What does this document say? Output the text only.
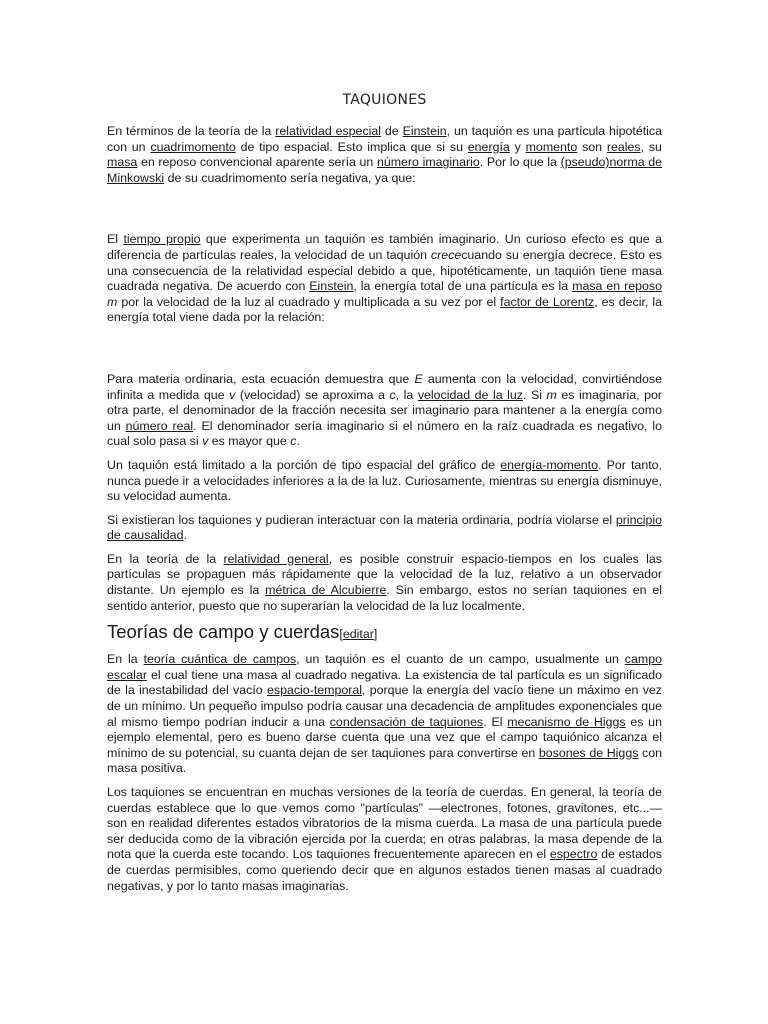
TAQUIONES

En términos de la teoría de la relatividad especial de Einstein, un taquión es una partícula hipotética con un cuadrimomento de tipo espacial. Esto implica que si su energía y momento son reales, su masa en reposo convencional aparente sería un número imaginario. Por lo que la (pseudo)norma de Minkowski de su cuadrimomento sería negativa, ya que:

El tiempo propio que experimenta un taquión es también imaginario. Un curioso efecto es que a diferencia de partículas reales, la velocidad de un taquión crececuando su energía decrece. Esto es una consecuencia de la relatividad especial debido a que, hipotéticamente, un taquión tiene masa cuadrada negativa. De acuerdo con Einstein, la energía total de una partícula es la masa en reposo m por la velocidad de la luz al cuadrado y multiplicada a su vez por el factor de Lorentz, es decir, la energía total viene dada por la relación:

Para materia ordinaria, esta ecuación demuestra que E aumenta con la velocidad, convirtiéndose infinita a medida que v (velocidad) se aproxima a c, la velocidad de la luz. Si m es imaginaria, por otra parte, el denominador de la fracción necesita ser imaginario para mantener a la energía como un número real. El denominador sería imaginario si el número en la raíz cuadrada es negativo, lo cual solo pasa si v es mayor que c.

Un taquión está limitado a la porción de tipo espacial del gráfico de energía-momento. Por tanto, nunca puede ir a velocidades inferiores a la de la luz. Curiosamente, mientras su energía disminuye, su velocidad aumenta.

Si existieran los taquiones y pudieran interactuar con la materia ordinaria, podría violarse el principio de causalidad.

En la teoría de la relatividad general, es posible construir espacio-tiempos en los cuales las partículas se propaguen más rápidamente que la velocidad de la luz, relativo a un observador distante. Un ejemplo es la métrica de Alcubierre. Sin embargo, estos no serían taquiones en el sentido anterior, puesto que no superarían la velocidad de la luz localmente.

Teorías de campo y cuerdas[editar]

En la teoría cuántica de campos, un taquión es el cuanto de un campo, usualmente un campo escalar el cual tiene una masa al cuadrado negativa. La existencia de tal partícula es un significado de la inestabilidad del vacío espacio-temporal, porque la energía del vacío tiene un máximo en vez de un mínimo. Un pequeño impulso podría causar una decadencia de amplitudes exponenciales que al mismo tiempo podrían inducir a una condensación de taquiones. El mecanismo de Higgs es un ejemplo elemental, pero es bueno darse cuenta que una vez que el campo taquiónico alcanza el mínimo de su potencial, su cuanta dejan de ser taquiones para convertirse en bosones de Higgs con masa positiva.

Los taquiones se encuentran en muchas versiones de la teoría de cuerdas. En general, la teoría de cuerdas establece que lo que vemos como "partículas" —electrones, fotones, gravitones, etc...— son en realidad diferentes estados vibratorios de la misma cuerda. La masa de una partícula puede ser deducida como de la vibración ejercida por la cuerda; en otras palabras, la masa depende de la nota que la cuerda este tocando. Los taquiones frecuentemente aparecen en el espectro de estados de cuerdas permisibles, como queriendo decir que en algunos estados tienen masas al cuadrado negativas, y por lo tanto masas imaginarias.
